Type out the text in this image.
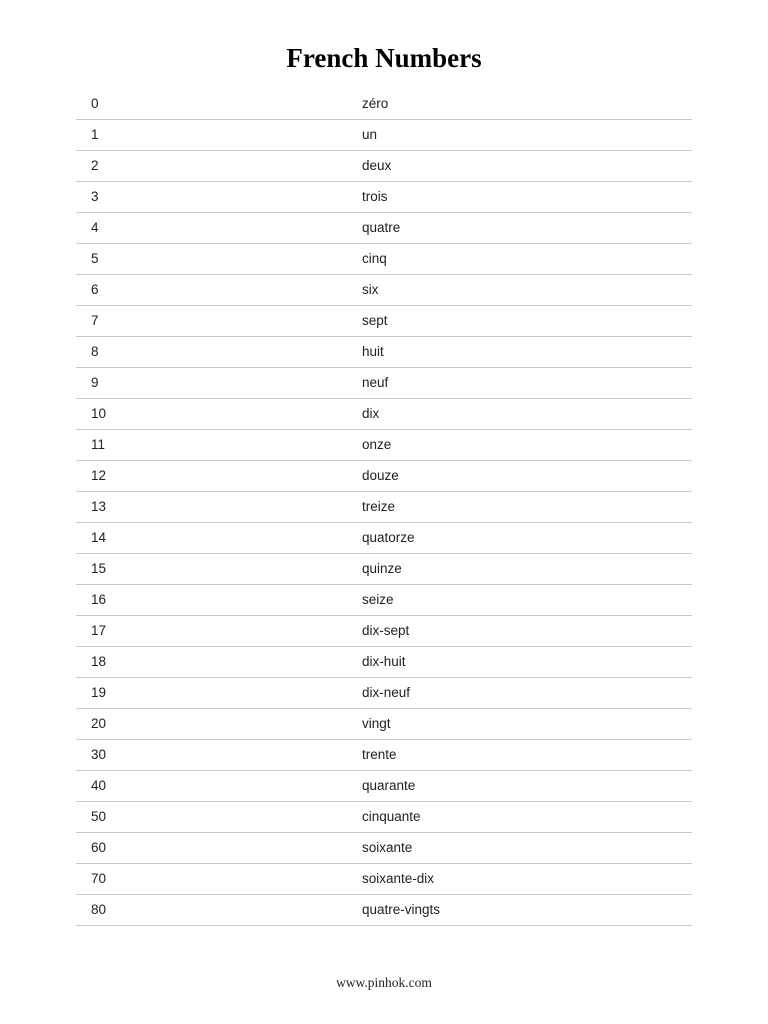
French Numbers
0	zéro
1	un
2	deux
3	trois
4	quatre
5	cinq
6	six
7	sept
8	huit
9	neuf
10	dix
11	onze
12	douze
13	treize
14	quatorze
15	quinze
16	seize
17	dix-sept
18	dix-huit
19	dix-neuf
20	vingt
30	trente
40	quarante
50	cinquante
60	soixante
70	soixante-dix
80	quatre-vingts
www.pinhok.com
